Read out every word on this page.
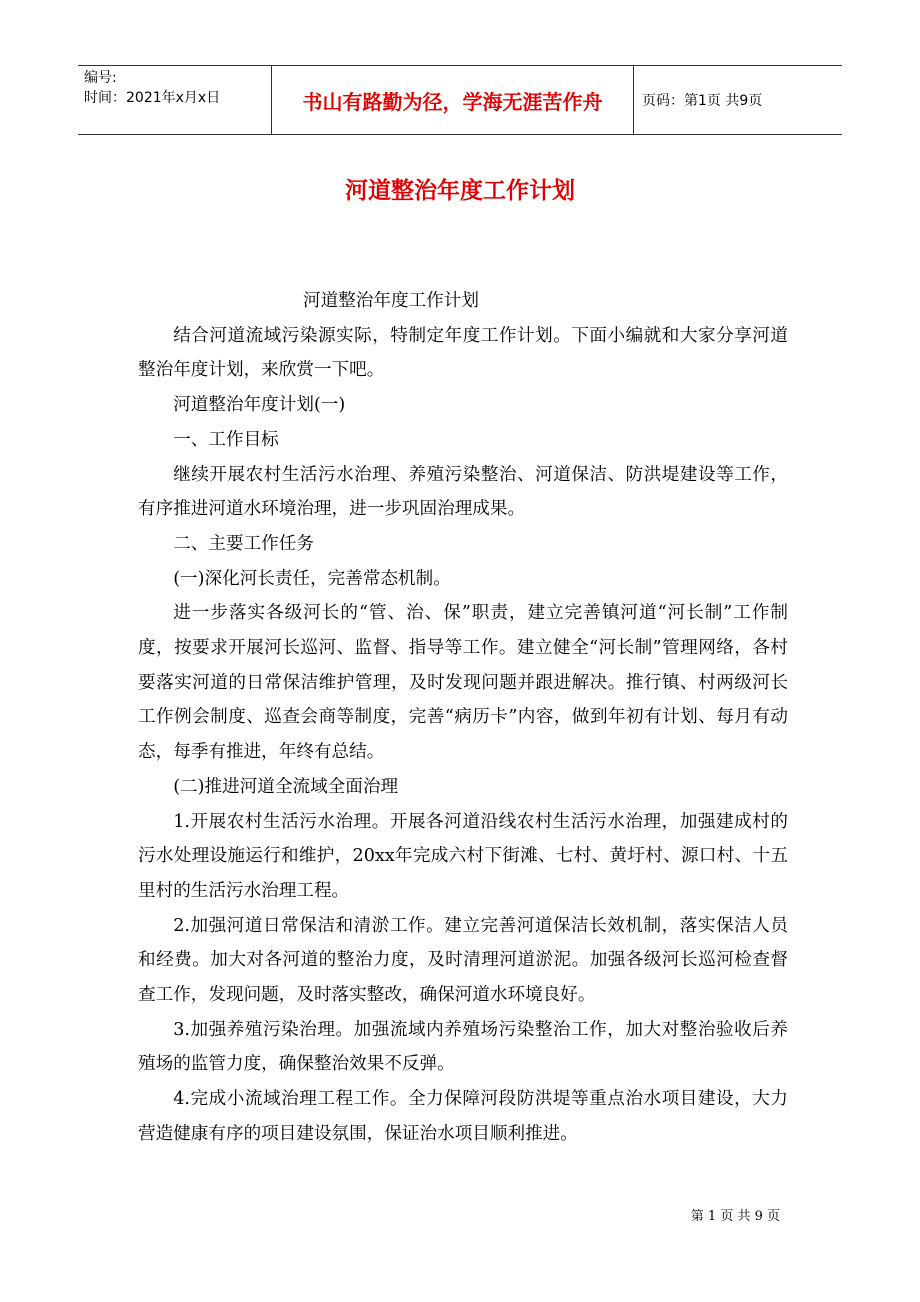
编号:
时间：2021年x月x日	书山有路勤为径，学海无涯苦作舟	页码：第1页 共9页
河道整治年度工作计划

河道整治年度工作计划

结合河道流域污染源实际，特制定年度工作计划。下面小编就和大家分享河道整治年度计划，来欣赏一下吧。

河道整治年度计划(一)

一、工作目标

继续开展农村生活污水治理、养殖污染整治、河道保洁、防洪堤建设等工作，有序推进河道水环境治理，进一步巩固治理成果。

二、主要工作任务

(一)深化河长责任，完善常态机制。

进一步落实各级河长的“管、治、保”职责，建立完善镇河道“河长制”工作制度，按要求开展河长巡河、监督、指导等工作。建立健全“河长制”管理网络，各村要落实河道的日常保洁维护管理，及时发现问题并跟进解决。推行镇、村两级河长工作例会制度、巡查会商等制度，完善“病历卡”内容，做到年初有计划、每月有动态，每季有推进，年终有总结。

(二)推进河道全流域全面治理

1.开展农村生活污水治理。开展各河道沿线农村生活污水治理，加强建成村的污水处理设施运行和维护，20xx年完成六村下街滩、七村、黄圩村、源口村、十五里村的生活污水治理工程。

2.加强河道日常保洁和清淤工作。建立完善河道保洁长效机制，落实保洁人员和经费。加大对各河道的整治力度，及时清理河道淤泥。加强各级河长巡河检查督查工作，发现问题，及时落实整改，确保河道水环境良好。

3.加强养殖污染治理。加强流域内养殖场污染整治工作，加大对整治验收后养殖场的监管力度，确保整治效果不反弹。

4.完成小流域治理工程工作。全力保障河段防洪堤等重点治水项目建设，大力营造健康有序的项目建设氛围，保证治水项目顺利推进。

第 1 页 共 9 页
